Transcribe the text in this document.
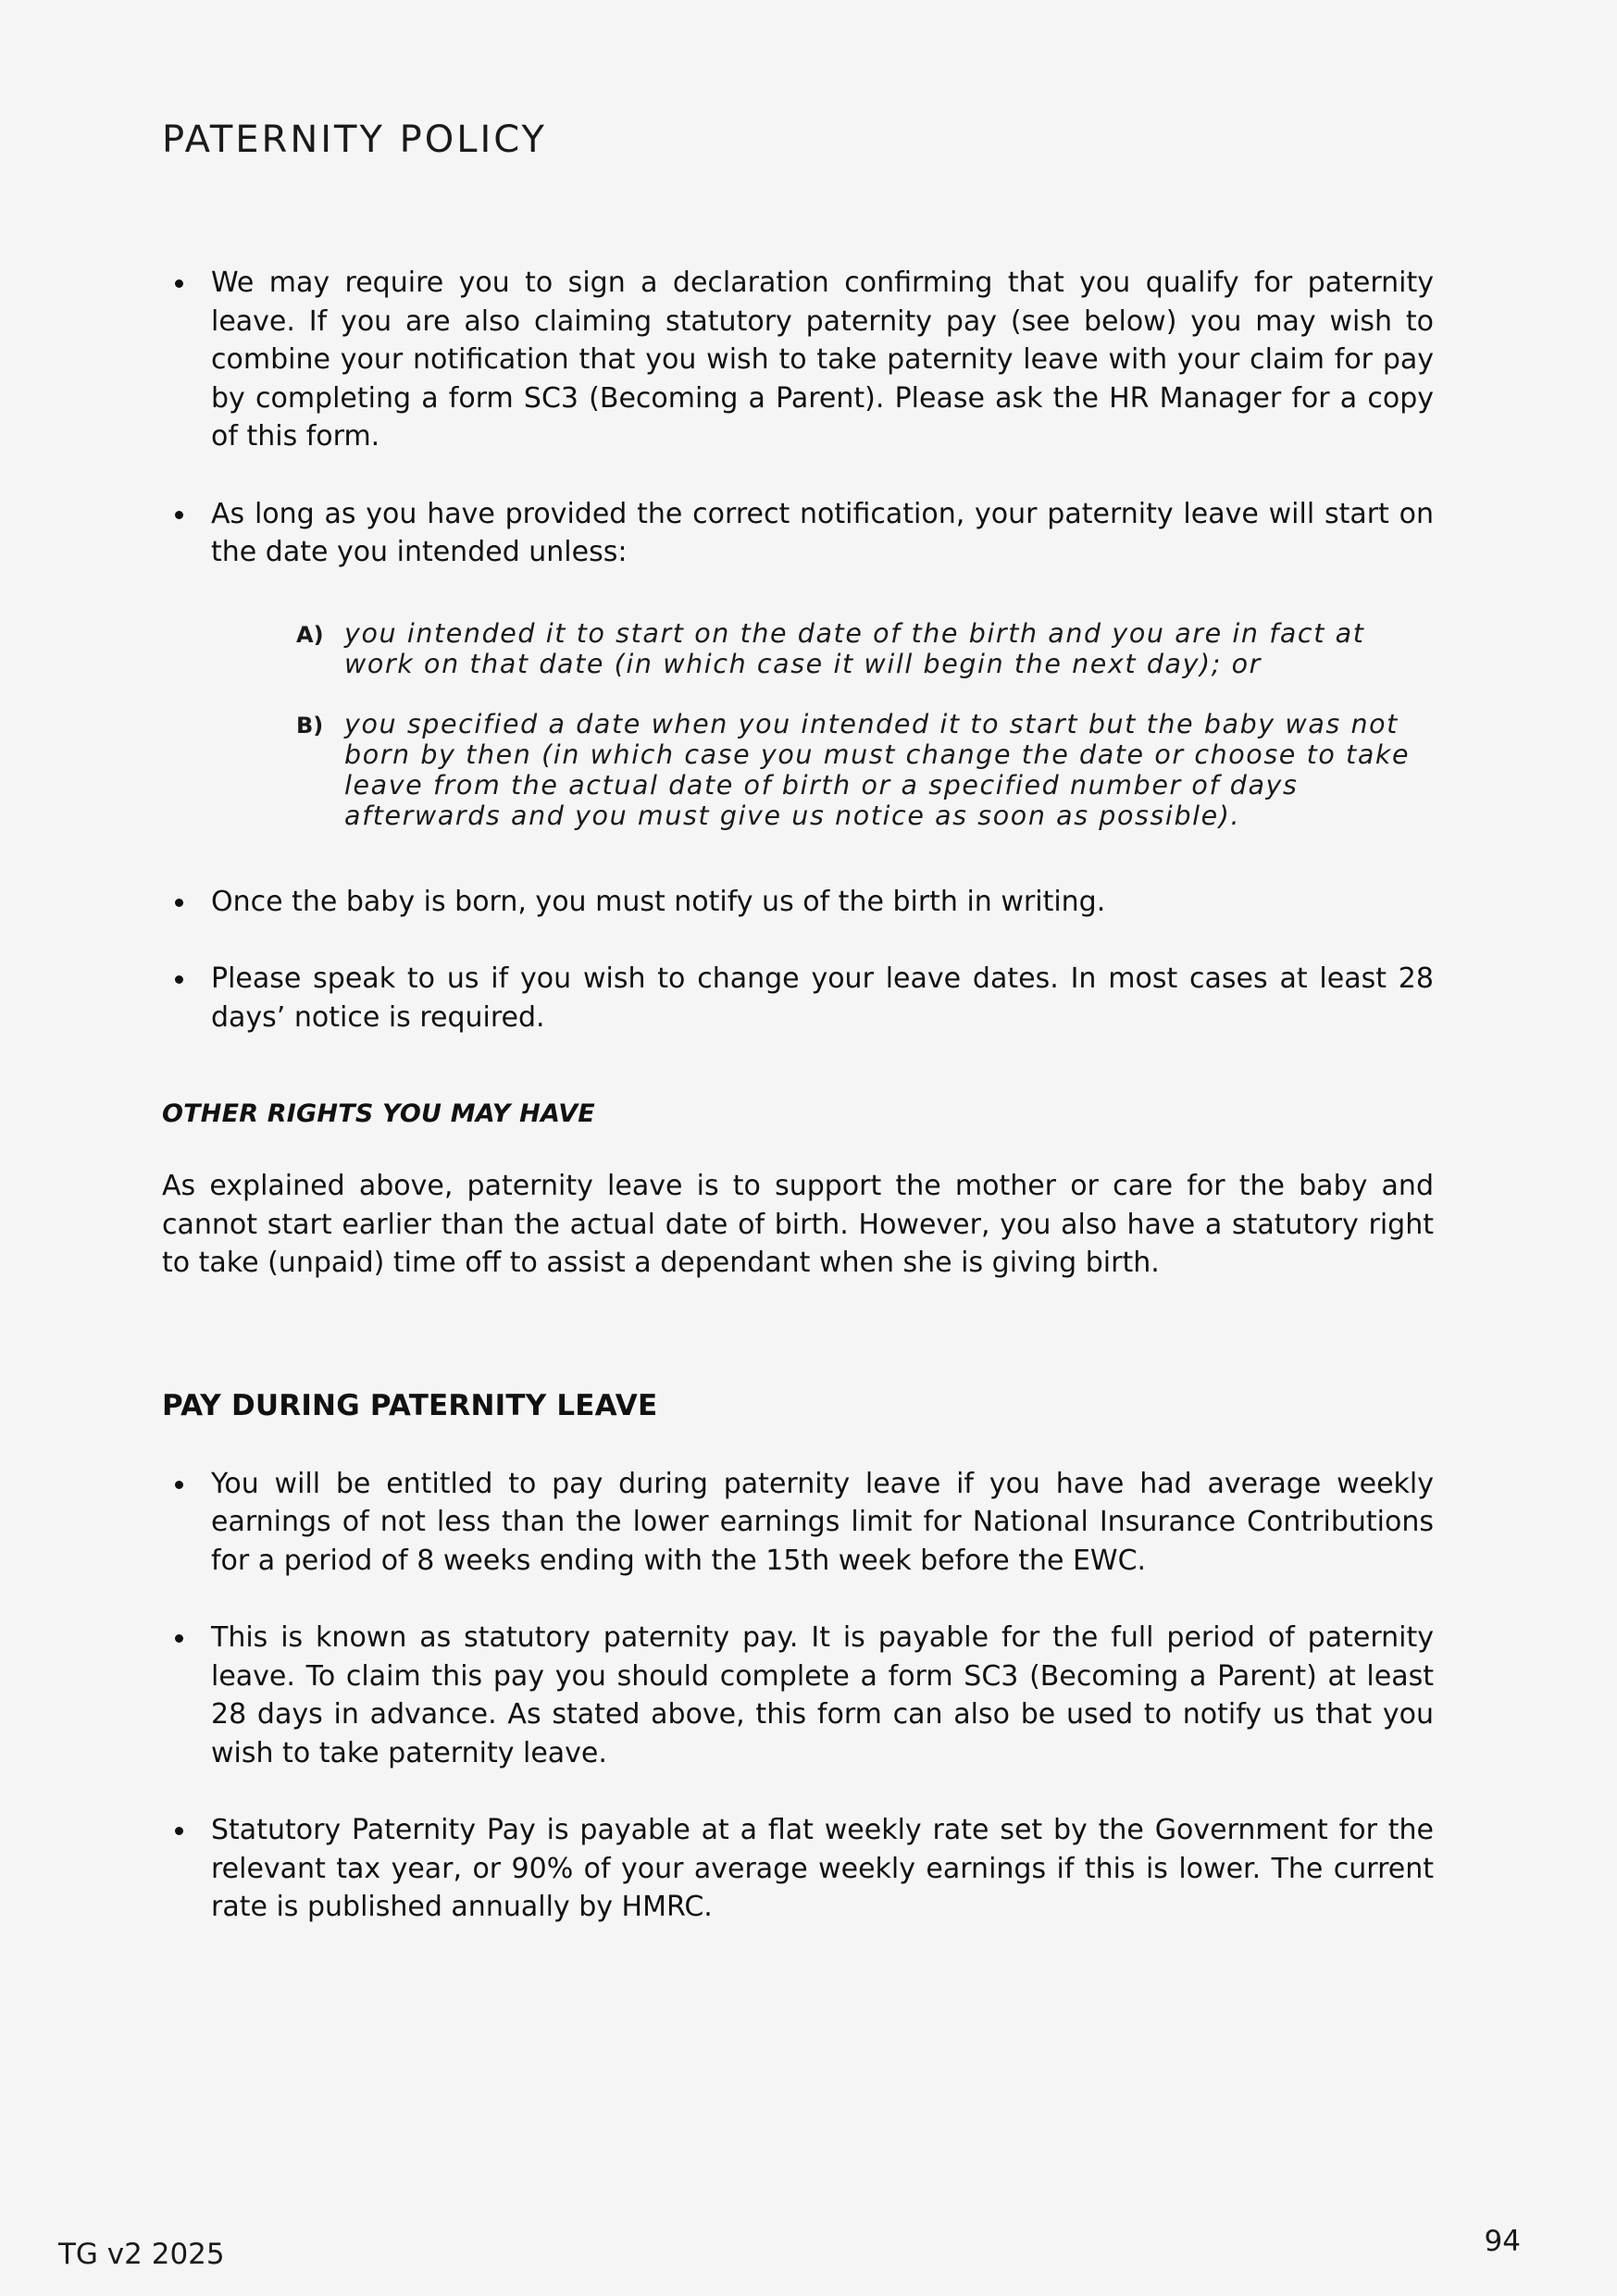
PATERNITY POLICY
We may require you to sign a declaration confirming that you qualify for paternity leave. If you are also claiming statutory paternity pay (see below) you may wish to combine your notification that you wish to take paternity leave with your claim for pay by completing a form SC3 (Becoming a Parent). Please ask the HR Manager for a copy of this form.
As long as you have provided the correct notification, your paternity leave will start on the date you intended unless:
A) you intended it to start on the date of the birth and you are in fact at work on that date (in which case it will begin the next day); or
B) you specified a date when you intended it to start but the baby was not born by then (in which case you must change the date or choose to take leave from the actual date of birth or a specified number of days afterwards and you must give us notice as soon as possible).
Once the baby is born, you must notify us of the birth in writing.
Please speak to us if you wish to change your leave dates. In most cases at least 28 days’ notice is required.
OTHER RIGHTS YOU MAY HAVE

As explained above, paternity leave is to support the mother or care for the baby and cannot start earlier than the actual date of birth. However, you also have a statutory right to take (unpaid) time off to assist a dependant when she is giving birth.

PAY DURING PATERNITY LEAVE
You will be entitled to pay during paternity leave if you have had average weekly earnings of not less than the lower earnings limit for National Insurance Contributions for a period of 8 weeks ending with the 15th week before the EWC.
This is known as statutory paternity pay. It is payable for the full period of paternity leave. To claim this pay you should complete a form SC3 (Becoming a Parent) at least 28 days in advance. As stated above, this form can also be used to notify us that you wish to take paternity leave.
Statutory Paternity Pay is payable at a flat weekly rate set by the Government for the relevant tax year, or 90% of your average weekly earnings if this is lower. The current rate is published annually by HMRC.
TG v2 2025	94
